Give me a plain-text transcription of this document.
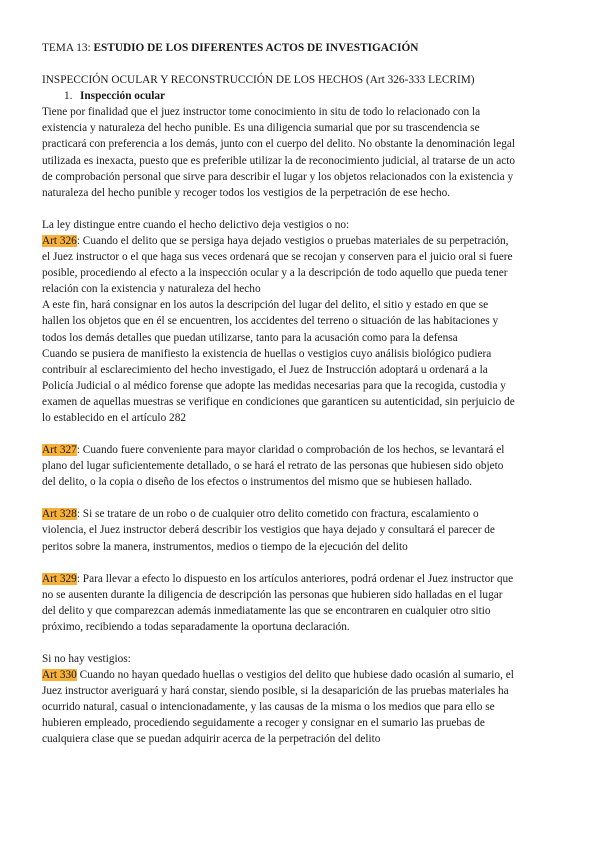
TEMA 13: ESTUDIO DE LOS DIFERENTES ACTOS DE INVESTIGACIÓN
INSPECCIÓN OCULAR Y RECONSTRUCCIÓN DE LOS HECHOS (Art 326-333 LECRIM)
1. Inspección ocular
Tiene por finalidad que el juez instructor tome conocimiento in situ de todo lo relacionado con la
existencia y naturaleza del hecho punible. Es una diligencia sumarial que por su trascendencia se
practicará con preferencia a los demás, junto con el cuerpo del delito. No obstante la denominación legal
utilizada es inexacta, puesto que es preferible utilizar la de reconocimiento judicial, al tratarse de un acto
de comprobación personal que sirve para describir el lugar y los objetos relacionados con la existencia y
naturaleza del hecho punible y recoger todos los vestigios de la perpetración de ese hecho.
La ley distingue entre cuando el hecho delictivo deja vestigios o no:
Art 326: Cuando el delito que se persiga haya dejado vestigios o pruebas materiales de su perpetración,
el Juez instructor o el que haga sus veces ordenará que se recojan y conserven para el juicio oral si fuere
posible, procediendo al efecto a la inspección ocular y a la descripción de todo aquello que pueda tener
relación con la existencia y naturaleza del hecho
A este fin, hará consignar en los autos la descripción del lugar del delito, el sitio y estado en que se
hallen los objetos que en él se encuentren, los accidentes del terreno o situación de las habitaciones y
todos los demás detalles que puedan utilizarse, tanto para la acusación como para la defensa
Cuando se pusiera de manifiesto la existencia de huellas o vestigios cuyo análisis biológico pudiera
contribuir al esclarecimiento del hecho investigado, el Juez de Instrucción adoptará u ordenará a la
Policía Judicial o al médico forense que adopte las medidas necesarias para que la recogida, custodia y
examen de aquellas muestras se verifique en condiciones que garanticen su autenticidad, sin perjuicio de
lo establecido en el artículo 282
Art 327: Cuando fuere conveniente para mayor claridad o comprobación de los hechos, se levantará el
plano del lugar suficientemente detallado, o se hará el retrato de las personas que hubiesen sido objeto
del delito, o la copia o diseño de los efectos o instrumentos del mismo que se hubiesen hallado.
Art 328: Si se tratare de un robo o de cualquier otro delito cometido con fractura, escalamiento o
violencia, el Juez instructor deberá describir los vestigios que haya dejado y consultará el parecer de
peritos sobre la manera, instrumentos, medios o tiempo de la ejecución del delito
Art 329: Para llevar a efecto lo dispuesto en los artículos anteriores, podrá ordenar el Juez instructor que
no se ausenten durante la diligencia de descripción las personas que hubieren sido halladas en el lugar
del delito y que comparezcan además inmediatamente las que se encontraren en cualquier otro sitio
próximo, recibiendo a todas separadamente la oportuna declaración.
Si no hay vestigios:
Art 330 Cuando no hayan quedado huellas o vestigios del delito que hubiese dado ocasión al sumario, el
Juez instructor averiguará y hará constar, siendo posible, si la desaparición de las pruebas materiales ha
ocurrido natural, casual o intencionadamente, y las causas de la misma o los medios que para ello se
hubieren empleado, procediendo seguidamente a recoger y consignar en el sumario las pruebas de
cualquiera clase que se puedan adquirir acerca de la perpetración del delito
